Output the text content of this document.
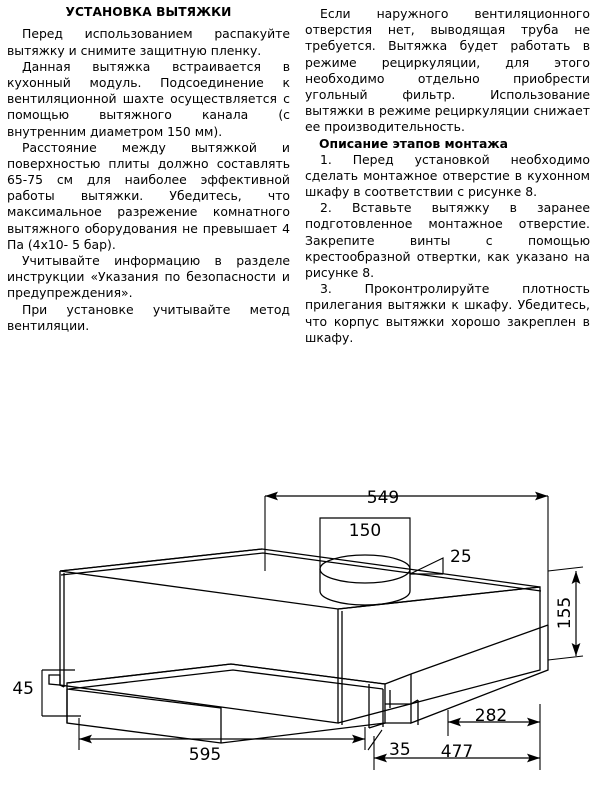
УСТАНОВКА ВЫТЯЖКИ

Перед использованием распакуйте вытяжку и снимите защитную пленку.

Данная вытяжка встраивается в кухонный модуль. Подсоединение к вентиляционной шахте осуществляется с помощью вытяжного канала (с внутренним диаметром 150 мм).

Расстояние между вытяжкой и поверхностью плиты должно составлять 65-75 см для наиболее эффективной работы вытяжки. Убедитесь, что максимальное разрежение комнатного вытяжного оборудования не превышает 4 Па (4х10- 5 бар).

Учитывайте информацию в разделе инструкции «Указания по безопасности и предупреждения».

При установке учитывайте метод вентиляции.

Если наружного вентиляционного отверстия нет, выводящая труба не требуется. Вытяжка будет работать в режиме рециркуляции, для этого необходимо отдельно приобрести угольный фильтр. Использование вытяжки в режиме рециркуляции снижает ее производительность.

Описание этапов монтажа

1. Перед установкой необходимо сделать монтажное отверстие в кухонном шкафу в соответствии с рисунке 8.

2. Вставьте вытяжку в заранее подготовленное монтажное отверстие. Закрепите винты с помощью крестообразной отвертки, как указано на рисунке 8.

3. Проконтролируйте плотность прилегания вытяжки к шкафу. Убедитесь, что корпус вытяжки хорошо закреплен в шкафу.

549
150
25
155
45
595	35
282
477
